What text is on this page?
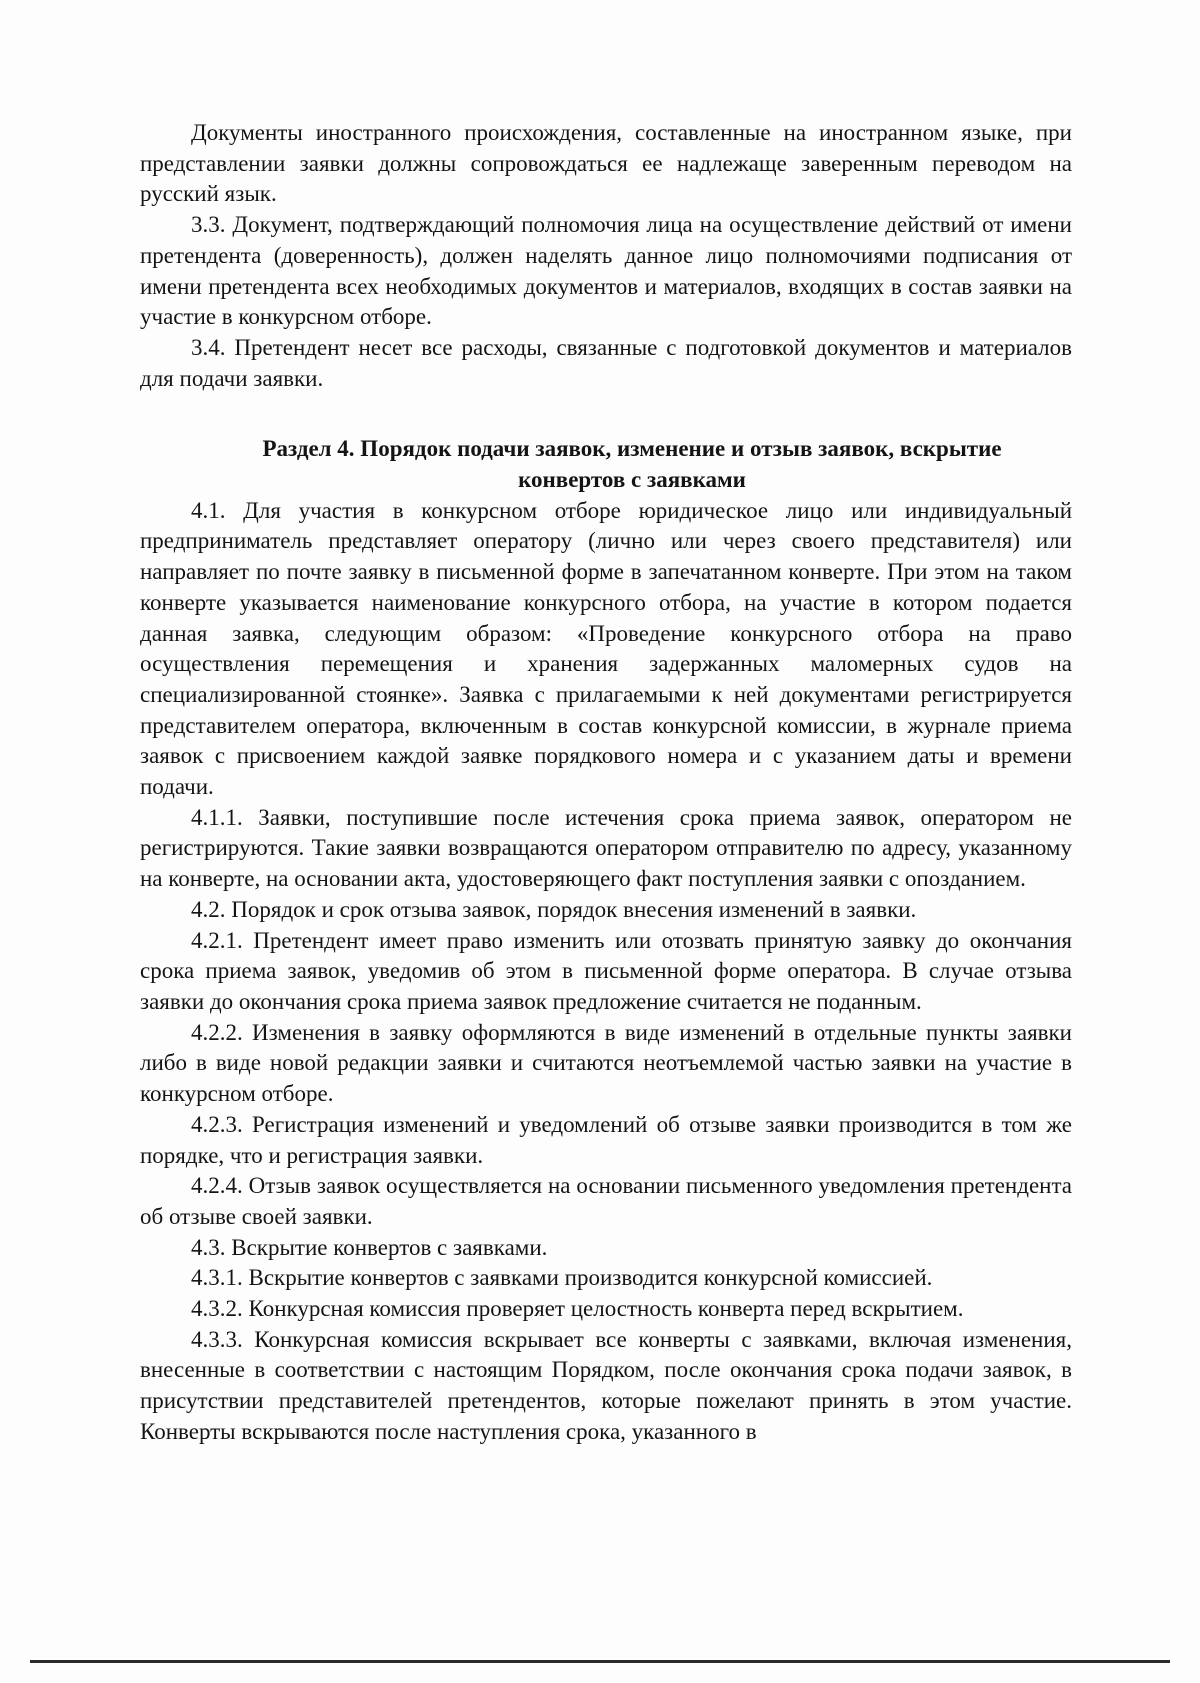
Документы иностранного происхождения, составленные на иностранном языке, при представлении заявки должны сопровождаться ее надлежаще заверенным переводом на русский язык.

3.3. Документ, подтверждающий полномочия лица на осуществление действий от имени претендента (доверенность), должен наделять данное лицо полномочиями подписания от имени претендента всех необходимых документов и материалов, входящих в состав заявки на участие в конкурсном отборе.

3.4. Претендент несет все расходы, связанные с подготовкой документов и материалов для подачи заявки.

Раздел 4. Порядок подачи заявок, изменение и отзыв заявок, вскрытие
конвертов с заявками

4.1. Для участия в конкурсном отборе юридическое лицо или индивидуальный предприниматель представляет оператору (лично или через своего представителя) или направляет по почте заявку в письменной форме в запечатанном конверте. При этом на таком конверте указывается наименование конкурсного отбора, на участие в котором подается данная заявка, следующим образом: «Проведение конкурсного отбора на право осуществления перемещения и хранения задержанных маломерных судов на специализированной стоянке». Заявка с прилагаемыми к ней документами регистрируется представителем оператора, включенным в состав конкурсной комиссии, в журнале приема заявок с присвоением каждой заявке порядкового номера и с указанием даты и времени подачи.

4.1.1. Заявки, поступившие после истечения срока приема заявок, оператором не регистрируются. Такие заявки возвращаются оператором отправителю по адресу, указанному на конверте, на основании акта, удостоверяющего факт поступления заявки с опозданием.

4.2. Порядок и срок отзыва заявок, порядок внесения изменений в заявки.

4.2.1. Претендент имеет право изменить или отозвать принятую заявку до окончания срока приема заявок, уведомив об этом в письменной форме оператора. В случае отзыва заявки до окончания срока приема заявок предложение считается не поданным.

4.2.2. Изменения в заявку оформляются в виде изменений в отдельные пункты заявки либо в виде новой редакции заявки и считаются неотъемлемой частью заявки на участие в конкурсном отборе.

4.2.3. Регистрация изменений и уведомлений об отзыве заявки производится в том же порядке, что и регистрация заявки.

4.2.4. Отзыв заявок осуществляется на основании письменного уведомления претендента об отзыве своей заявки.

4.3. Вскрытие конвертов с заявками.

4.3.1. Вскрытие конвертов с заявками производится конкурсной комиссией.

4.3.2. Конкурсная комиссия проверяет целостность конверта перед вскрытием.

4.3.3. Конкурсная комиссия вскрывает все конверты с заявками, включая изменения, внесенные в соответствии с настоящим Порядком, после окончания срока подачи заявок, в присутствии представителей претендентов, которые пожелают принять в этом участие. Конверты вскрываются после наступления срока, указанного в
